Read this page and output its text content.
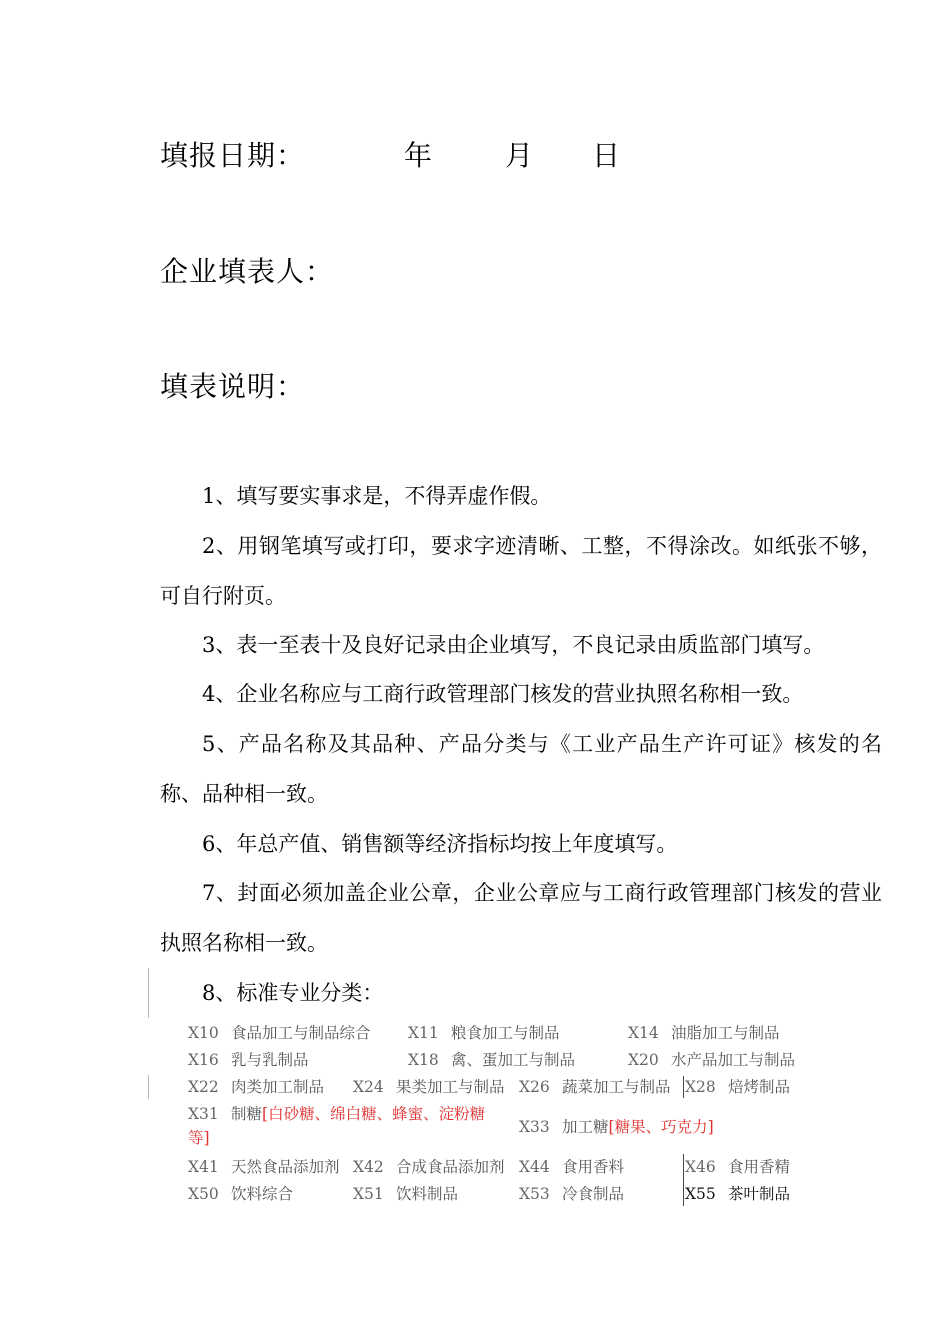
填报日期：	年	月 日
企业填表人：
填表说明：
1、填写要实事求是，不得弄虚作假。
2、用钢笔填写或打印，要求字迹清晰、工整，不得涂改。如纸张不够，可自行附页。
3、表一至表十及良好记录由企业填写，不良记录由质监部门填写。
4、企业名称应与工商行政管理部门核发的营业执照名称相一致。
5、产品名称及其品种、产品分类与《工业产品生产许可证》核发的名称、品种相一致。
6、年总产值、销售额等经济指标均按上年度填写。
7、封面必须加盖企业公章，企业公章应与工商行政管理部门核发的营业执照名称相一致。
8、标准专业分类：
X10 食品加工与制品综合 X11 粮食加工与制品	X14 油脂加工与制品
X16 乳与乳制品	X18 禽、蛋加工与制品	X20 水产品加工与制品
X22 肉类加工制品 X24 果类加工与制品 X26 蔬菜加工与制品 X28 焙烤制品
X31 制糖[白砂糖、绵白糖、蜂蜜、淀粉糖
等]
X33 加工糖[糖果、巧克力]
X41 天然食品添加剂 X42 合成食品添加剂 X44 食用香料	X46 食用香精
X50 饮料综合	X51 饮料制品	X53 冷食制品	X55 茶叶制品
